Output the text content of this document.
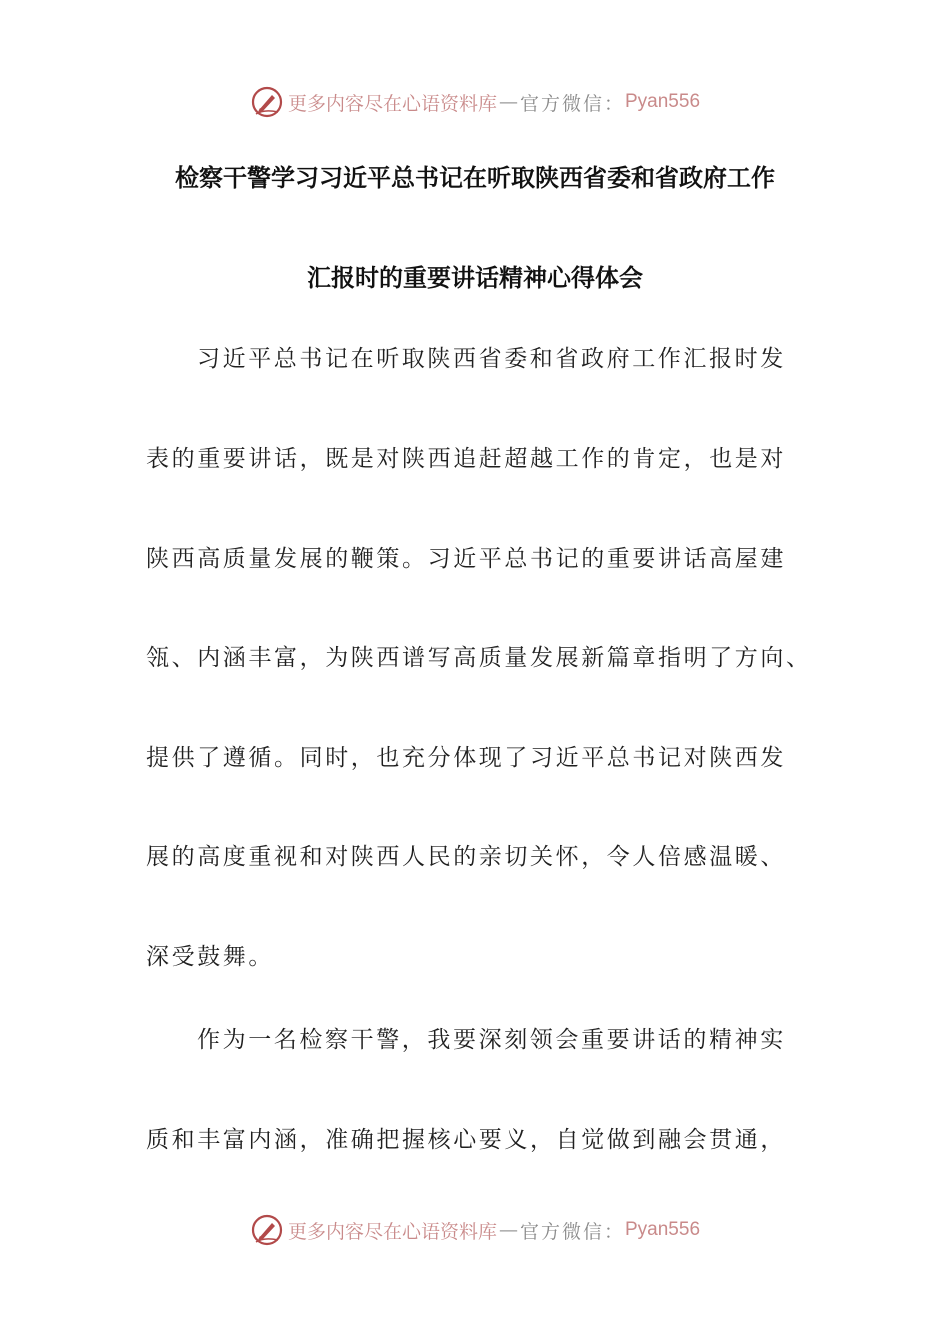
更多内容尽在心语资料库 — 官方微信： Pyan556
检察干警学习习近平总书记在听取陕西省委和省政府工作
汇报时的重要讲话精神心得体会
习近平总书记在听取陕西省委和省政府工作汇报时发
表的重要讲话，既是对陕西追赶超越工作的肯定，也是对
陕西高质量发展的鞭策。习近平总书记的重要讲话高屋建
瓴、内涵丰富，为陕西谱写高质量发展新篇章指明了方向、
提供了遵循。同时，也充分体现了习近平总书记对陕西发
展的高度重视和对陕西人民的亲切关怀，令人倍感温暖、
深受鼓舞。
作为一名检察干警，我要深刻领会重要讲话的精神实
质和丰富内涵，准确把握核心要义，自觉做到融会贯通，
更多内容尽在心语资料库 — 官方微信： Pyan556
